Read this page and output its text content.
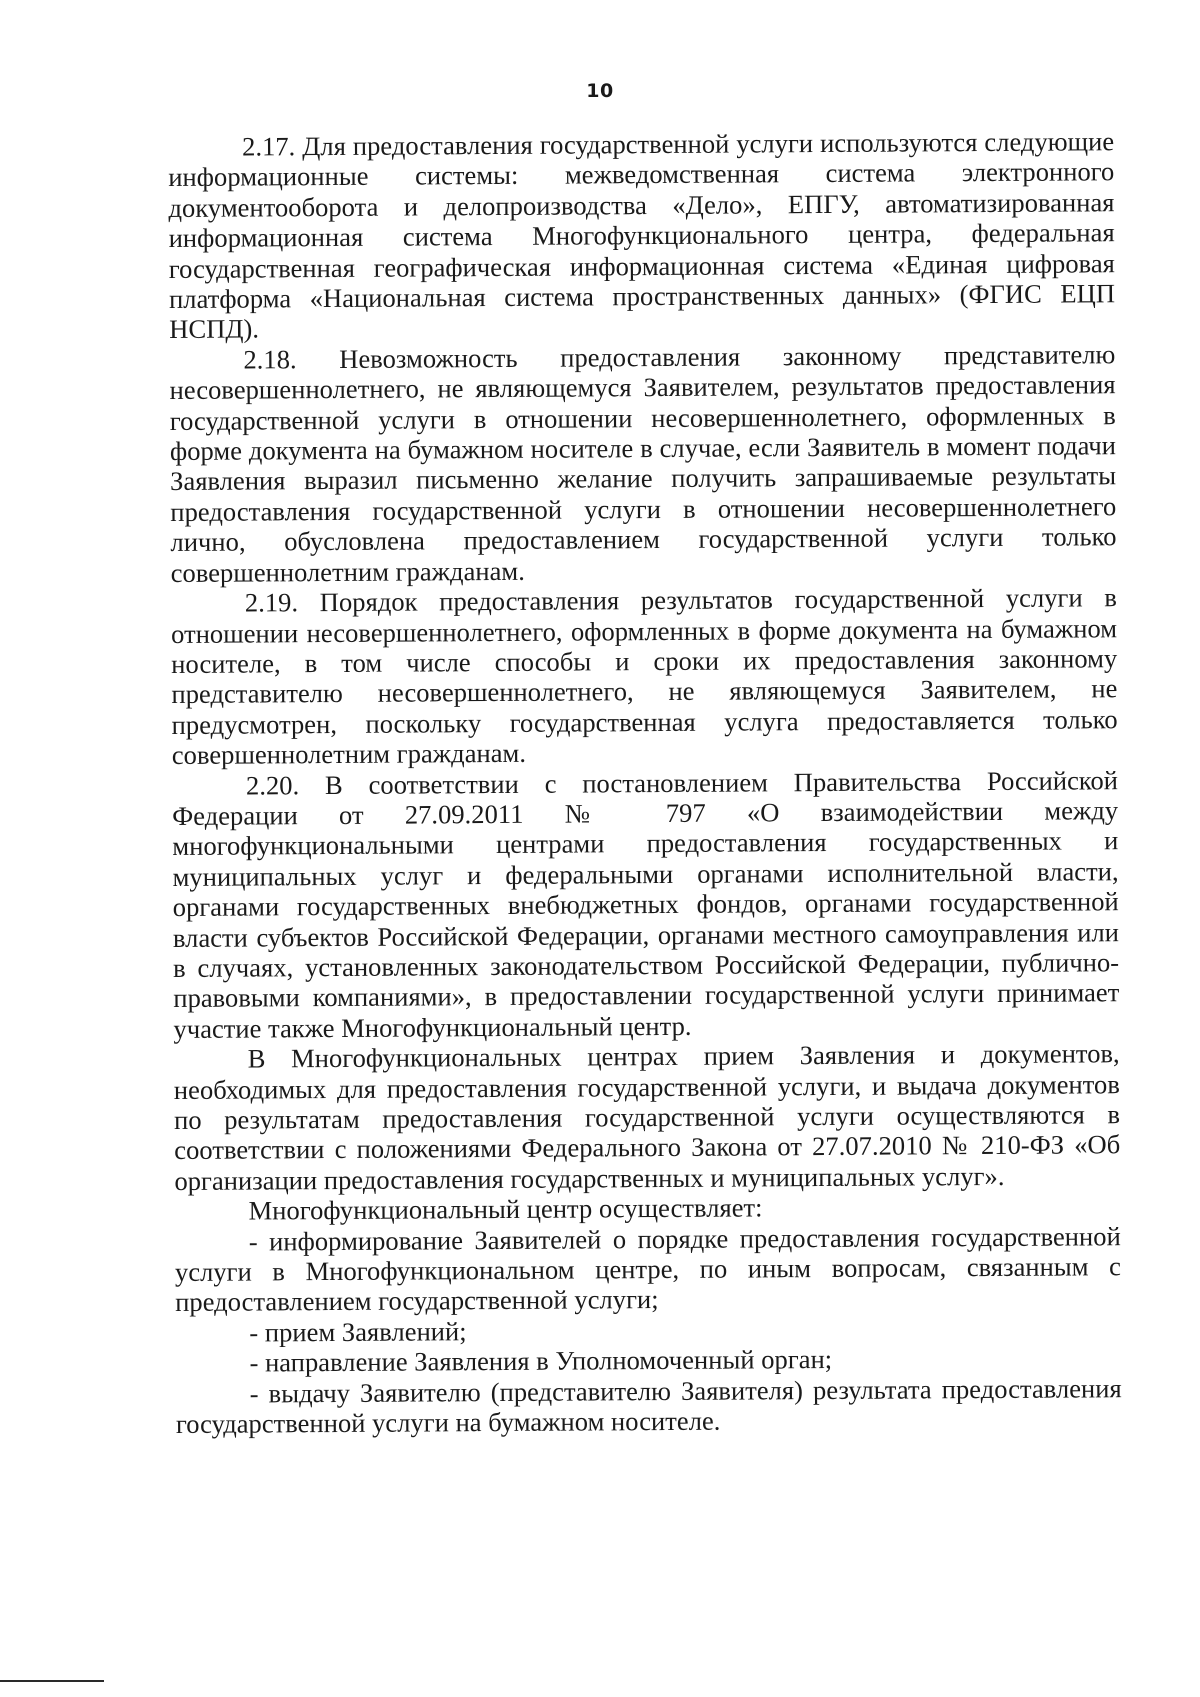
10

2.17. Для предоставления государственной услуги используются следующие информационные системы: межведомственная система электронного документооборота и делопроизводства «Дело», ЕПГУ, автоматизированная информационная система Многофункционального центра, федеральная государственная географическая информационная система «Единая цифровая платформа «Национальная система пространственных данных» (ФГИС ЕЦП НСПД).

2.18. Невозможность предоставления законному представителю несовершеннолетнего, не являющемуся Заявителем, результатов предоставления государственной услуги в отношении несовершеннолетнего, оформленных в форме документа на бумажном носителе в случае, если Заявитель в момент подачи Заявления выразил письменно желание получить запрашиваемые результаты предоставления государственной услуги в отношении несовершеннолетнего лично, обусловлена предоставлением государственной услуги только совершеннолетним гражданам.

2.19. Порядок предоставления результатов государственной услуги в отношении несовершеннолетнего, оформленных в форме документа на бумажном носителе, в том числе способы и сроки их предоставления законному представителю несовершеннолетнего, не являющемуся Заявителем, не предусмотрен, поскольку государственная услуга предоставляется только совершеннолетним гражданам.

2.20. В соответствии с постановлением Правительства Российской Федерации от 27.09.2011 № 797 «О взаимодействии между многофункциональными центрами предоставления государственных и муниципальных услуг и федеральными органами исполнительной власти, органами государственных внебюджетных фондов, органами государственной власти субъектов Российской Федерации, органами местного самоуправления или в случаях, установленных законодательством Российской Федерации, публично-правовыми компаниями», в предоставлении государственной услуги принимает участие также Многофункциональный центр.

В Многофункциональных центрах прием Заявления и документов, необходимых для предоставления государственной услуги, и выдача документов по результатам предоставления государственной услуги осуществляются в соответствии с положениями Федерального Закона от 27.07.2010 № 210-ФЗ «Об организации предоставления государственных и муниципальных услуг».

Многофункциональный центр осуществляет:

- информирование Заявителей о порядке предоставления государственной услуги в Многофункциональном центре, по иным вопросам, связанным с предоставлением государственной услуги;

- прием Заявлений;

- направление Заявления в Уполномоченный орган;

- выдачу Заявителю (представителю Заявителя) результата предоставления государственной услуги на бумажном носителе.
